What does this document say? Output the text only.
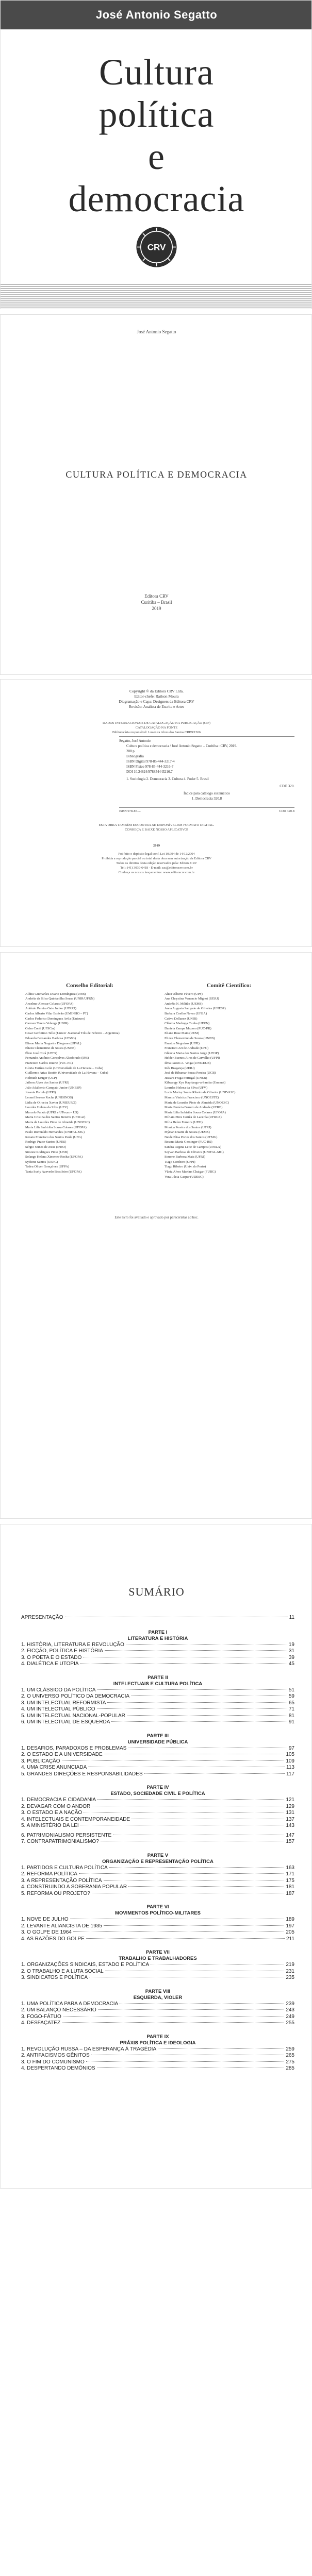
José Antonio Segatto
Cultura
política
e
democracia
CRV
José Antonio Segatto
CULTURA POLÍTICA E DEMOCRACIA
Editora CRV
Curitiba – Brasil
2019
Copyright © da Editora CRV Ltda.
Editor-chefe: Railson Moura
Diagramação e Capa: Designers da Editora CRV
Revisão: Analista de Escrita e Artes
DADOS INTERNACIONAIS DE CATALOGAÇÃO NA PUBLICAÇÃO (CIP)
CATALOGAÇÃO NA FONTE
Bibliotecária responsável: Luzenira Alves dos Santos CRB9/1506
Segatto, José Antonio
Cultura política e democracia / José Antonio Segatto – Curitiba : CRV, 2019.
208 p.
Bibliografia
ISBN Digital 978-85-444-3217-4
ISBN Físico 978-85-444-3216-7
DOI 10.24824/978854443216.7
1. Sociologia 2. Democracia 3. Cultura 4. Poder 5. Brasil
CDD 320.
Índice para catálogo sistemático
1. Democracia 320.8
ISBN 978-85-...	CDD 320.8
ESTA OBRA TAMBÉM ENCONTRA-SE DISPONÍVEL EM FORMATO DIGITAL.
CONHEÇA E BAIXE NOSSO APLICATIVO!
2019
Foi feito o depósito legal conf. Lei 10.994 de 14/12/2004
Proibida a reprodução parcial ou total desta obra sem autorização da Editora CRV
Todos os direitos desta edição reservados pela: Editora CRV
Tel.: (41) 3039-6418 - E-mail: sac@editoracrv.com.br
Conheça os nossos lançamentos: www.editoracrv.com.br
Conselho Editorial:
Aldira Guimarães Duarte Domínguez (UNB)
Andréia da Silva Quintanilha Sousa (UNIR/UFRN)
Anselmo Alencar Colares (UFOPA)
Antônio Pereira Gaio Júnior (UFRRJ)
Carlos Alberto Vilar Estêvão (UMINHO – PT)
Carlos Federico Dominguez Avila (Unieuro)
Carmen Tereza Velanga (UNIR)
Celso Conti (UFSCar)
Cesar Gerónimo Tello (Univer .Nacional Três de Febrero – Argentina)
Eduardo Fernandes Barbosa (UFMG)
Elione Maria Nogueira Diogenes (UFAL)
Elizeu Clementino de Souza (UNEB)
Élsio José Corá (UFFS)
Fernando Antônio Gonçalves Alcoforado (IPB)
Francisco Carlos Duarte (PUC-PR)
Gloria Fariñas León (Universidade de La Havana – Cuba)
Guillermo Arias Beatón (Universidade de La Havana – Cuba)
Helmuth Krüger (UCP)
Jailson Alves dos Santos (UFRJ)
João Adalberto Campato Junior (UNESP)
Josania Portela (UFPI)
Leonel Severo Rocha (UNISINOS)
Lídia de Oliveira Xavier (UNIEURO)
Lourdes Helena da Silva (UFV)
Marcelo Paixão (UFRJ e UTexas – US)
Maria Cristina dos Santos Bezerra (UFSCar)
Maria de Lourdes Pinto de Almeida (UNOESC)
Maria Lília Imbiriba Sousa Colares (UFOPA)
Paulo Romualdo Hernandes (UNIFAL-MG)
Renato Francisco dos Santos Paula (UFG)
Rodrigo Pratte-Santos (UFES)
Sérgio Nunes de Jesus (IFRO)
Simone Rodrigues Pinto (UNB)
Solange Helena Ximenes-Rocha (UFOPA)
Sydione Santos (UEPG)
Tadeu Oliver Gonçalves (UFPA)
Tania Suely Azevedo Brasileiro (UFOPA)
Comitê Científico:
Altair Alberto Fávero (UPF)
Ana Chrystina Venancio Mignot (UERJ)
Andréia N. Militão (UEMS)
Anna Augusta Sampaio de Oliveira (UNESP)
Barbara Coelho Neves (UFBA)
Cativa Dellanez (UNIR)
Cláudia Madruga Cunha (UFRN)
Daniela Zampa Mazzeo (PUC-PR)
Eliane Rose Maio (UEM)
Elizeu Clementino de Souza (UNEB)
Fauston Negreiros (UFPI)
Francisco Ari de Andrade (UFC)
Gláucia Maria dos Santos Jorge (UFOP)
Helder Buenos Aires de Carvalho (UFPI)
Ilma Passos A. Veiga (UNICEUB)
Inês Bragança (UERJ)
José de Ribamar Sousa Pereira (UCB)
Jussara Fraga Portugal (UNEB)
Kilwangy Kya Kapitango-a-Samba (Unemat)
Lourdes Helena da Silva (UFV)
Lucia Marisy Souza Ribeiro de Oliveira (UNIVASF)
Marcos Vinicius Francisco (UNOESTE)
Maria de Lourdes Pinto de Almeida (UNOESC)
Maria Eurácia Barreto de Andrade (UFRB)
Maria Lília Imbiriba Sousa Colares (UFOPA)
Míriam Pires Corrêa de Lacerda (UFRGS)
Míria Helen Ferreira (UFPI)
Monica Pereira dos Santos (UFRJ)
Mýrian Duarte de Souza (UEMS)
Neide Elisa Portes dos Santos (UFMG)
Rosana Maria Gessinger (PUC-RS)
Sandra Regina Leite de Campos (UNILA)
Seyvan Barbosa de Oliveira (UNIFAL-MG)
Simone Barbosa Maia (UFRJ)
Tiago Cordeiro (UFPI)
Tiago Ribeiro (Univ. do Porto)
Vânia Alves Martins Chaigar (FURG)
Vera Lúcia Gaspar (UDESC)
Este livro foi avaliado e aprovado por pareceristas ad hoc.
SUMÁRIO
APRESENTAÇÃO	11
PARTE I
LITERATURA E HISTÓRIA
1. HISTÓRIA, LITERATURA E REVOLUÇÃO	19
2. FICÇÃO, POLÍTICA E HISTÓRIA	31
3. O POETA E O ESTADO	39
4. DIALÉTICA E UTOPIA	45
PARTE II
INTELECTUAIS E CULTURA POLÍTICA
1. UM CLÁSSICO DA POLÍTICA	51
2. O UNIVERSO POLÍTICO DA DEMOCRACIA	59
3. UM INTELECTUAL REFORMISTA	65
4. UM INTELECTUAL PÚBLICO	71
5. UM INTELECTUAL NACIONAL-POPULAR	81
6. UM INTELECTUAL DE ESQUERDA	91
PARTE III
UNIVERSIDADE PÚBLICA
1. DESAFIOS, PARADOXOS E PROBLEMAS	97
2. O ESTADO E A UNIVERSIDADE	105
3. PUBLICAÇÃO	109
4. UMA CRISE ANUNCIADA	113
5. GRANDES DIREÇÕES E RESPONSABILIDADES	117
PARTE IV
ESTADO, SOCIEDADE CIVIL E POLÍTICA
1. DEMOCRACIA E CIDADANIA	121
2. DEVAGAR COM O ANDOR	129
3. O ESTADO E A NAÇÃO	131
4. INTELECTUAIS E CONTEMPORANEIDADE	137
5. A MINISTÉRIO DA LEI	143
6. PATRIMONIALISMO PERSISTENTE	147
7. CONTRAPATRIMONIALISMO?	157
PARTE V
ORGANIZAÇÃO E REPRESENTAÇÃO POLÍTICA
1. PARTIDOS E CULTURA POLÍTICA	163
2. REFORMA POLÍTICA	171
3. A REPRESENTAÇÃO POLÍTICA	175
4. CONSTRUINDO A SOBERANIA POPULAR	181
5. REFORMA OU PROJETO?	187
PARTE VI
MOVIMENTOS POLÍTICO-MILITARES
1. NOVE DE JULHO	189
2. LEVANTE ALIANCISTA DE 1935	197
3. O GOLPE DE 1964	205
4. AS RAZÕES DO GOLPE	211
PARTE VII
TRABALHO E TRABALHADORES
1. ORGANIZAÇÕES SINDICAIS, ESTADO E POLÍTICA	219
2. O TRABALHO E A LUTA SOCIAL	231
3. SINDICATOS E POLÍTICA	235
PARTE VIII
ESQUERDA, VIOLER
1. UMA POLÍTICA PARA A DEMOCRACIA	239
2. UM BALANÇO NECESSÁRIO	243
3. FOGO-FÁTUO	249
4. DESFAÇATEZ	255
PARTE IX
PRÁXIS POLÍTICA E IDEOLOGIA
1. REVOLUÇÃO RUSSA – DA ESPERANÇA À TRAGÉDIA	259
2. ANTIFACISMOS GÊNITOS	265
3. O FIM DO COMUNISMO	275
4. DESPERTANDO DEMÔNIOS	285
